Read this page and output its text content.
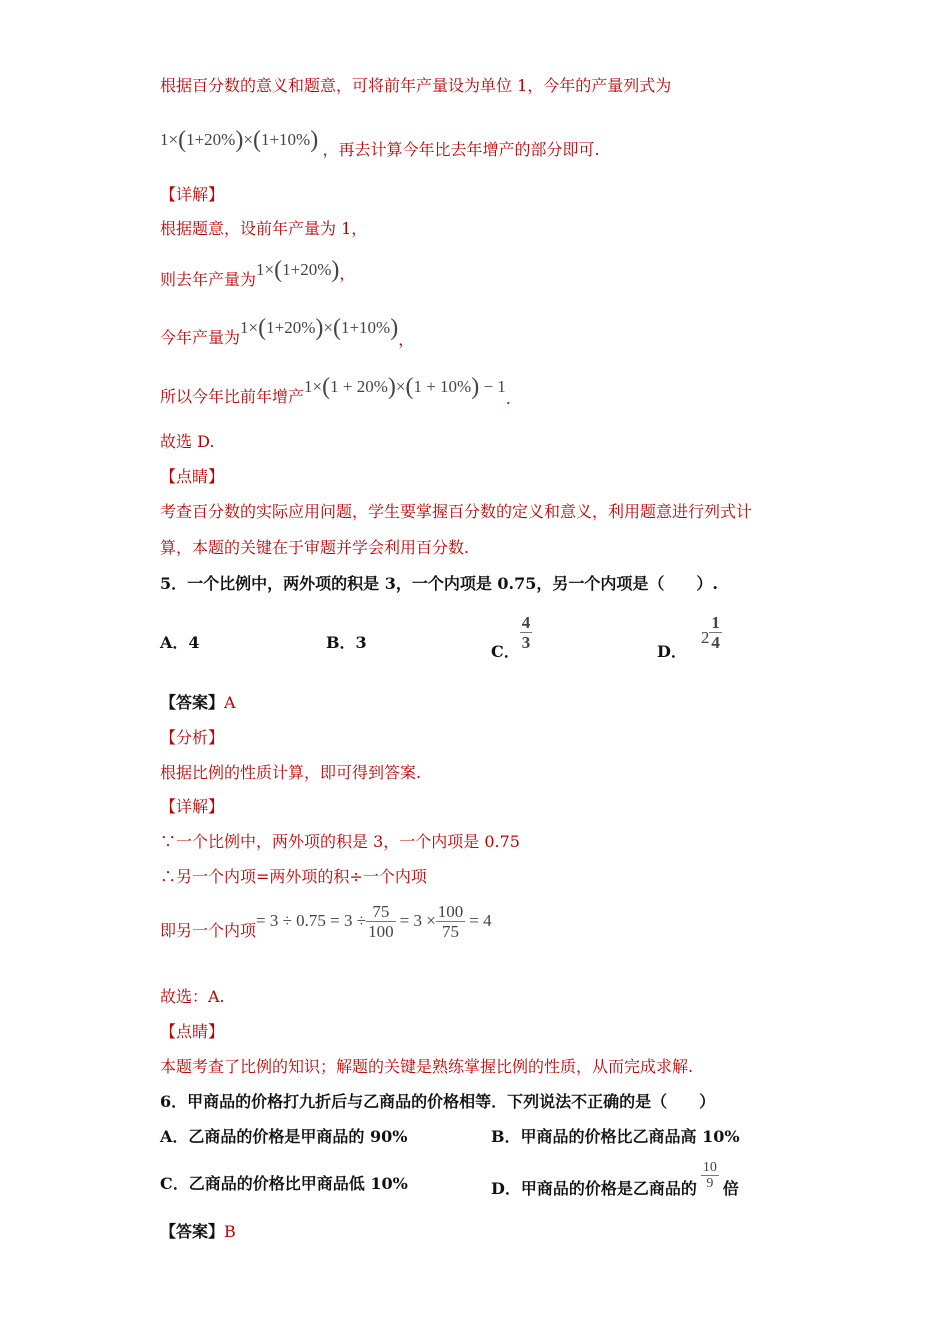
根据百分数的意义和题意，可将前年产量设为单位 1，今年的产量列式为
1×(1+20%)×(1+10%) ，再去计算今年比去年增产的部分即可.
【详解】
根据题意，设前年产量为 1，
则去年产量为1×(1+20%)，
今年产量为1×(1+20%)×(1+10%)，
所以今年比前年增产1×(1 + 20%)×(1 + 10%) − 1.
故选 D.
【点睛】
考查百分数的实际应用问题，学生要掌握百分数的定义和意义，利用题意进行列式计
算，本题的关键在于审题并学会利用百分数.
5．一个比例中，两外项的积是 3，一个内项是 0.75，另一个内项是（　　）.
A．4	B．3	C． $\frac{4}{3}$	D．$2 \frac{1}{4}$
【答案】A
【分析】
根据比例的性质计算，即可得到答案.
【详解】
∵一个比例中，两外项的积是 3，一个内项是 0.75
∴另一个内项=两外项的积÷一个内项
即另一个内项= $3 \div 0.75 = 3 \div \frac{75}{100} = 3 \times \frac{100}{75} = 4$
故选：A.
【点睛】
本题考查了比例的知识；解题的关键是熟练掌握比例的性质，从而完成求解.
6．甲商品的价格打九折后与乙商品的价格相等．下列说法不正确的是（　　）
A．乙商品的价格是甲商品的 90%	B．甲商品的价格比乙商品高 10%
C．乙商品的价格比甲商品低 10%	D．甲商品的价格是乙商品的 $\frac{10}{9}$ 倍
【答案】B
